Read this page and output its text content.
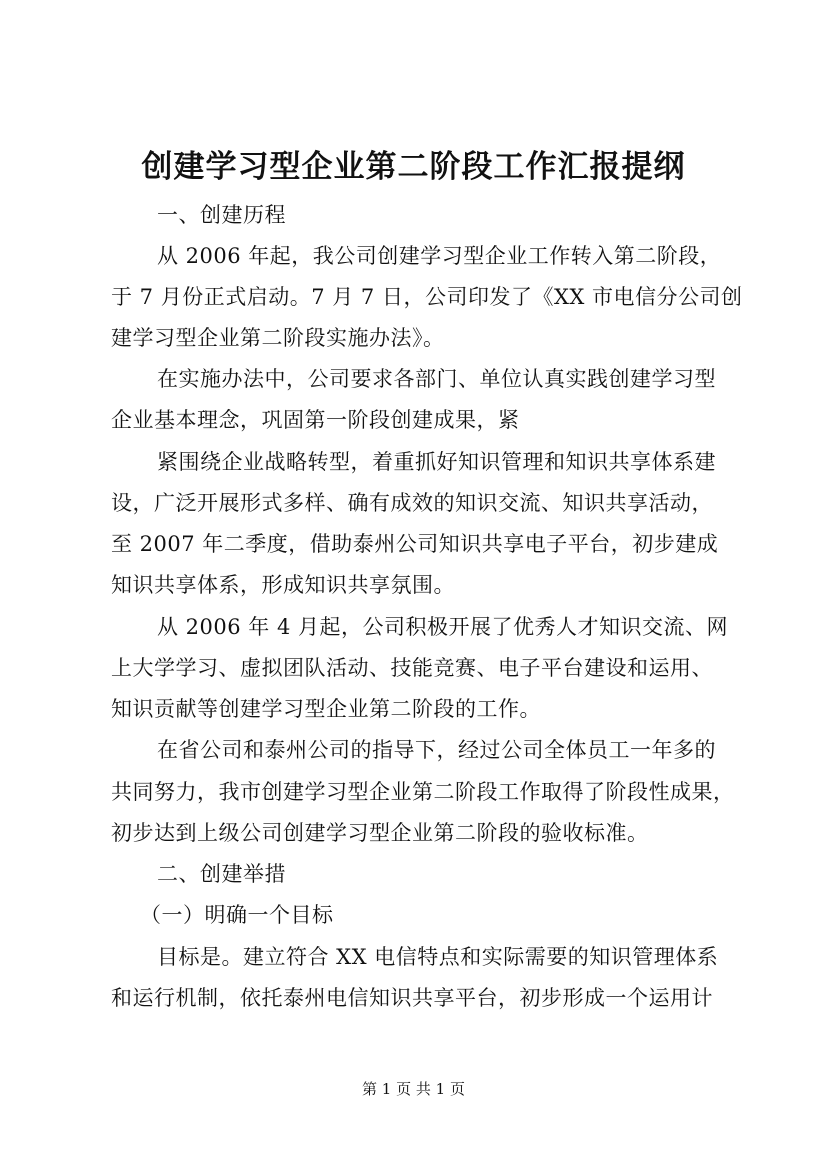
创建学习型企业第二阶段工作汇报提纲
一、创建历程
从 2006 年起，我公司创建学习型企业工作转入第二阶段，
于 7 月份正式启动。7 月 7 日，公司印发了《XX 市电信分公司创
建学习型企业第二阶段实施办法》。
在实施办法中，公司要求各部门、单位认真实践创建学习型
企业基本理念，巩固第一阶段创建成果，紧
紧围绕企业战略转型，着重抓好知识管理和知识共享体系建
设，广泛开展形式多样、确有成效的知识交流、知识共享活动，
至 2007 年二季度，借助泰州公司知识共享电子平台，初步建成
知识共享体系，形成知识共享氛围。
从 2006 年 4 月起，公司积极开展了优秀人才知识交流、网
上大学学习、虚拟团队活动、技能竞赛、电子平台建设和运用、
知识贡献等创建学习型企业第二阶段的工作。
在省公司和泰州公司的指导下，经过公司全体员工一年多的
共同努力，我市创建学习型企业第二阶段工作取得了阶段性成果，
初步达到上级公司创建学习型企业第二阶段的验收标准。
二、创建举措
（一）明确一个目标
目标是。建立符合 XX 电信特点和实际需要的知识管理体系
和运行机制，依托泰州电信知识共享平台，初步形成一个运用计
第 1 页 共 1 页
